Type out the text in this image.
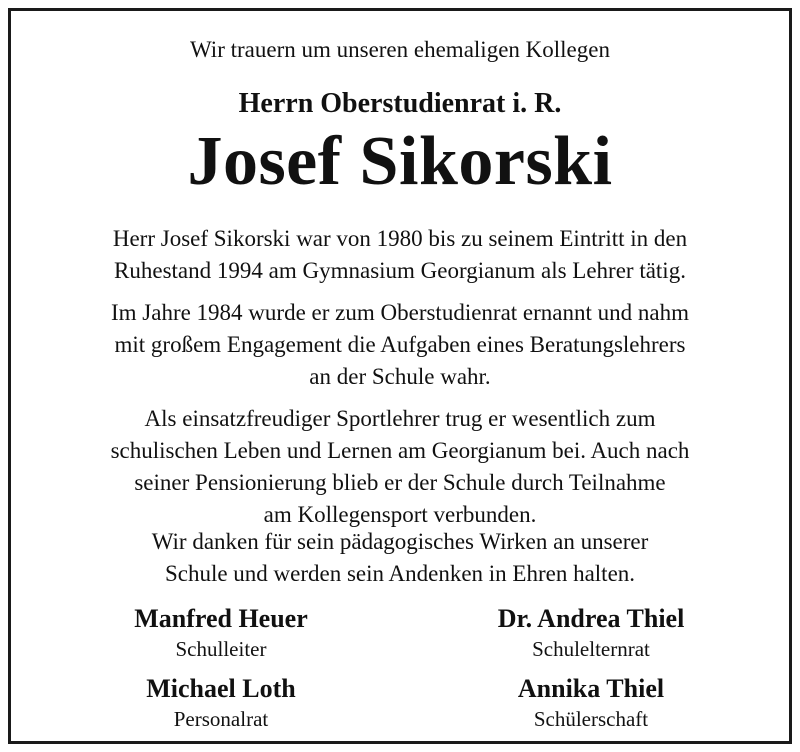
Wir trauern um unseren ehemaligen Kollegen
Herrn Oberstudienrat i. R.
Josef Sikorski
Herr Josef Sikorski war von 1980 bis zu seinem Eintritt in den
Ruhestand 1994 am Gymnasium Georgianum als Lehrer tätig.
Im Jahre 1984 wurde er zum Oberstudienrat ernannt und nahm
mit großem Engagement die Aufgaben eines Beratungslehrers
an der Schule wahr.
Als einsatzfreudiger Sportlehrer trug er wesentlich zum
schulischen Leben und Lernen am Georgianum bei. Auch nach
seiner Pensionierung blieb er der Schule durch Teilnahme
am Kollegensport verbunden.
Wir danken für sein pädagogisches Wirken an unserer
Schule und werden sein Andenken in Ehren halten.
Manfred Heuer
Schulleiter
Dr. Andrea Thiel
Schulelternrat
Michael Loth
Personalrat
Annika Thiel
Schülerschaft
